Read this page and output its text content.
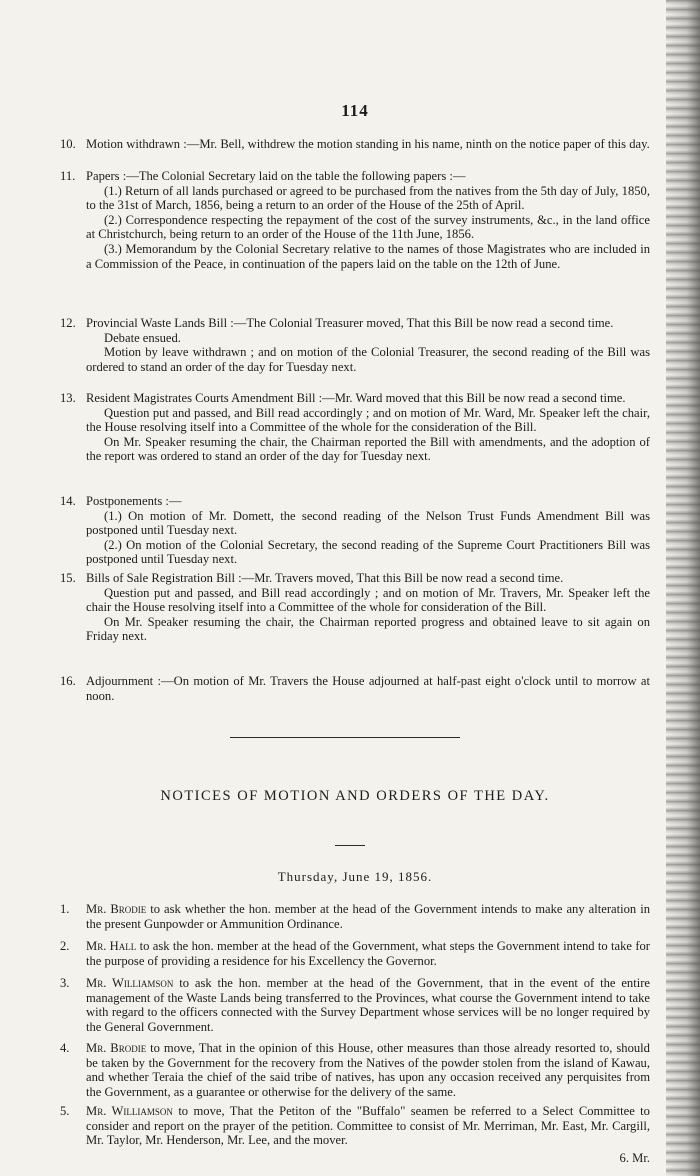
114
10. Motion withdrawn :—Mr. Bell, withdrew the motion standing in his name, ninth on the notice paper of this day.
11. Papers :—The Colonial Secretary laid on the table the following papers :—
(1.) Return of all lands purchased or agreed to be purchased from the natives from the 5th day of July, 1850, to the 31st of March, 1856, being a return to an order of the House of the 25th of April.
(2.) Correspondence respecting the repayment of the cost of the survey instruments, &c., in the land office at Christchurch, being return to an order of the House of the 11th June, 1856.
(3.) Memorandum by the Colonial Secretary relative to the names of those Magistrates who are included in a Commission of the Peace, in continuation of the papers laid on the table on the 12th of June.
12. Provincial Waste Lands Bill :—The Colonial Treasurer moved, That this Bill be now read a second time.
Debate ensued.
Motion by leave withdrawn ; and on motion of the Colonial Treasurer, the second reading of the Bill was ordered to stand an order of the day for Tuesday next.
13. Resident Magistrates Courts Amendment Bill :—Mr. Ward moved that this Bill be now read a second time.
Question put and passed, and Bill read accordingly ; and on motion of Mr. Ward, Mr. Speaker left the chair, the House resolving itself into a Committee of the whole for the consideration of the Bill.
On Mr. Speaker resuming the chair, the Chairman reported the Bill with amendments, and the adoption of the report was ordered to stand an order of the day for Tuesday next.
14. Postponements :—
(1.) On motion of Mr. Domett, the second reading of the Nelson Trust Funds Amendment Bill was postponed until Tuesday next.
(2.) On motion of the Colonial Secretary, the second reading of the Supreme Court Practitioners Bill was postponed until Tuesday next.
15. Bills of Sale Registration Bill :—Mr. Travers moved, That this Bill be now read a second time.
Question put and passed, and Bill read accordingly ; and on motion of Mr. Travers, Mr. Speaker left the chair the House resolving itself into a Committee of the whole for consideration of the Bill.
On Mr. Speaker resuming the chair, the Chairman reported progress and obtained leave to sit again on Friday next.
16. Adjournment :—On motion of Mr. Travers the House adjourned at half-past eight o'clock until to morrow at noon.
NOTICES OF MOTION AND ORDERS OF THE DAY.
Thursday, June 19, 1856.
1.	Mr. Brodie to ask whether the hon. member at the head of the Government intends to make any alteration in the present Gunpowder or Ammunition Ordinance.
2.	Mr. Hall to ask the hon. member at the head of the Government, what steps the Government intend to take for the purpose of providing a residence for his Excellency the Governor.
3.	Mr. Williamson to ask the hon. member at the head of the Government, that in the event of the entire management of the Waste Lands being transferred to the Provinces, what course the Government intend to take with regard to the officers connected with the Survey Department whose services will be no longer required by the General Government.
4.	Mr. Brodie to move, That in the opinion of this House, other measures than those already resorted to, should be taken by the Government for the recovery from the Natives of the powder stolen from the island of Kawau, and whether Teraia the chief of the said tribe of natives, has upon any occasion received any perquisites from the Government, as a guarantee or otherwise for the delivery of the same.
5.	Mr. Williamson to move, That the Petiton of the "Buffalo" seamen be referred to a Select Committee to consider and report on the prayer of the petition. Committee to consist of Mr. Merriman, Mr. East, Mr. Cargill, Mr. Taylor, Mr. Henderson, Mr. Lee, and the mover.
6. Mr.
